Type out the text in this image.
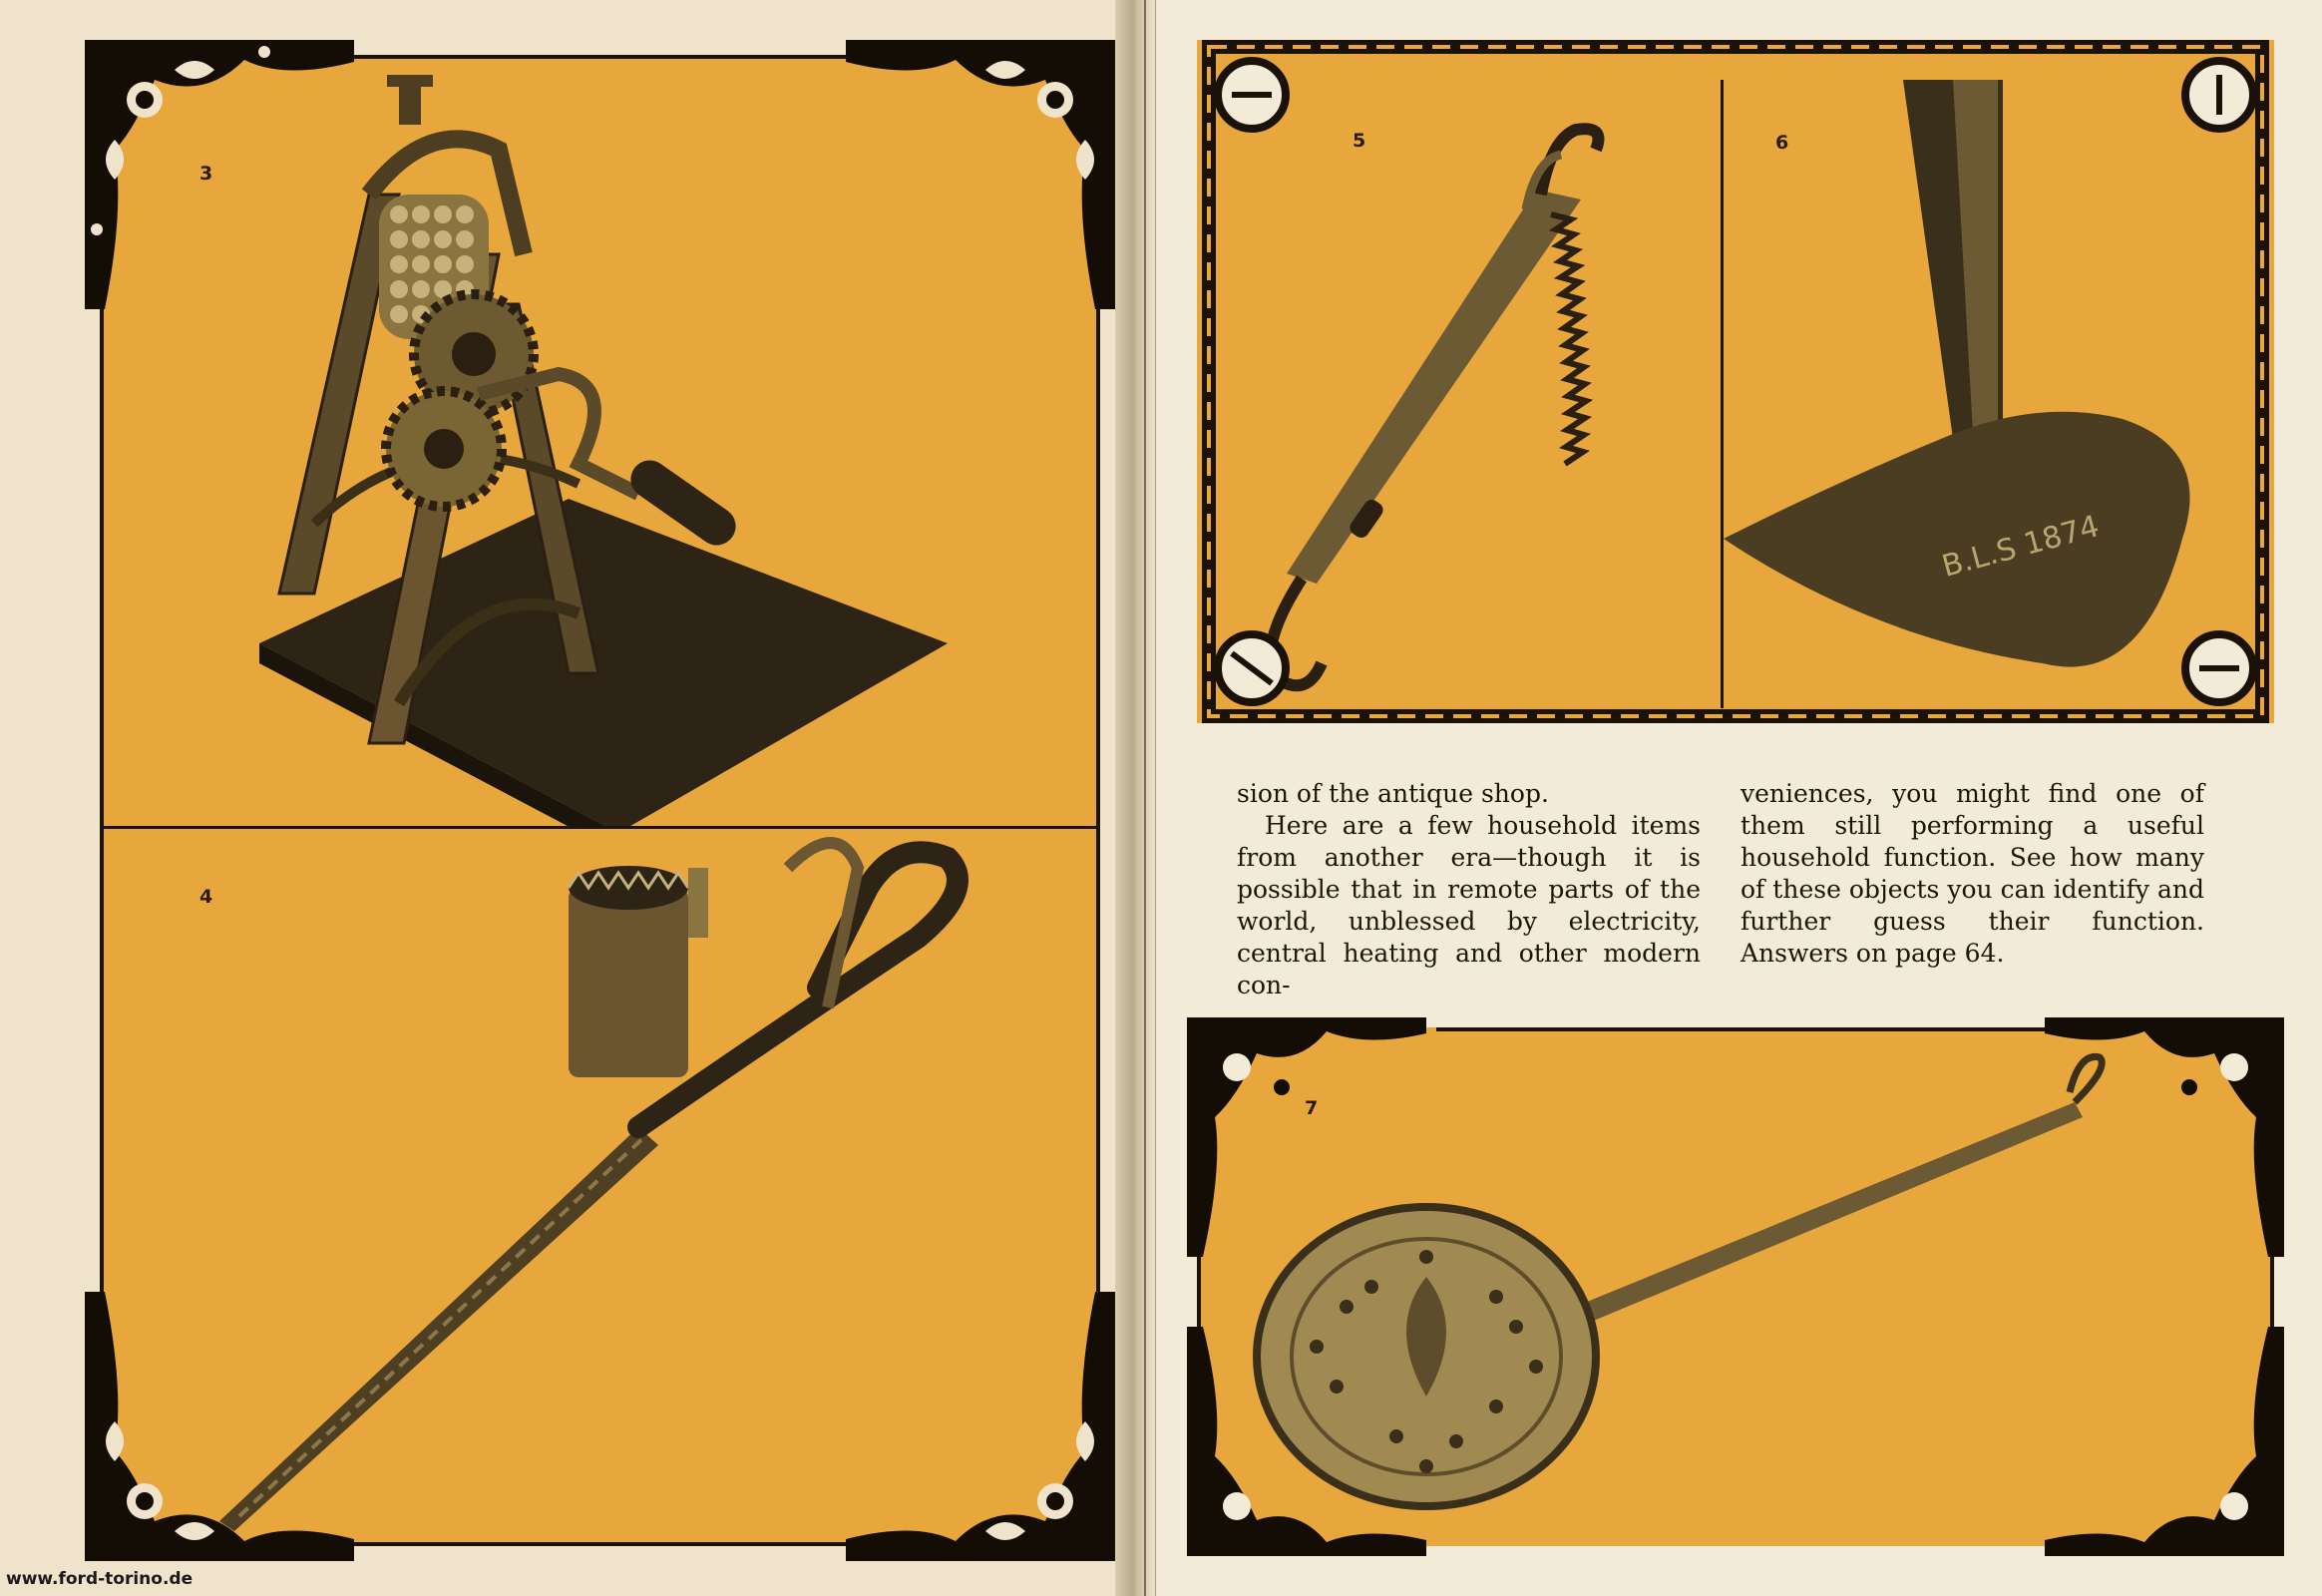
3
4
B.L.S 1874
5	6

sion of the antique shop.

Here are a few household items from another era—though it is possible that in remote parts of the world, unblessed by electricity, central heating and other modern con-

veniences, you might find one of them still performing a useful household function. See how many of these objects you can identify and further guess their function. Answers on page 64.

7
www.ford-torino.de
